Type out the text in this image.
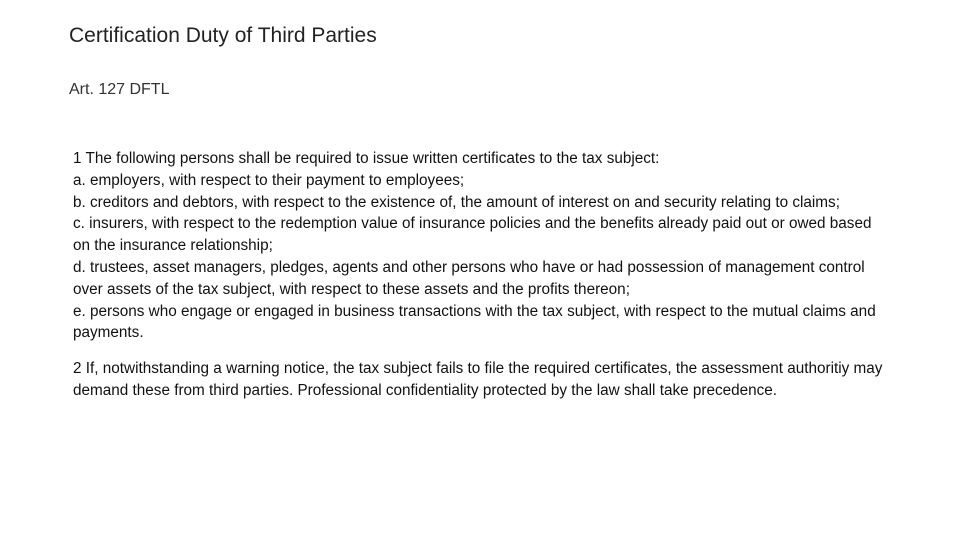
Certification Duty of Third Parties

Art. 127 DFTL

1 The following persons shall be required to issue written certificates to the tax subject:
a. employers, with respect to their payment to employees;
b. creditors and debtors, with respect to the existence of, the amount of interest on and security relating to claims;
c. insurers, with respect to the redemption value of insurance policies and the benefits already paid out or owed based on the insurance relationship;
d. trustees, asset managers, pledges, agents and other persons who have or had possession of management control over assets of the tax subject, with respect to these assets and the profits thereon;
e. persons who engage or engaged in business transactions with the tax subject, with respect to the mutual claims and payments.

2 If, notwithstanding a warning notice, the tax subject fails to file the required certificates, the assessment authoritiy may demand these from third parties. Professional confidentiality protected by the law shall take precedence.
